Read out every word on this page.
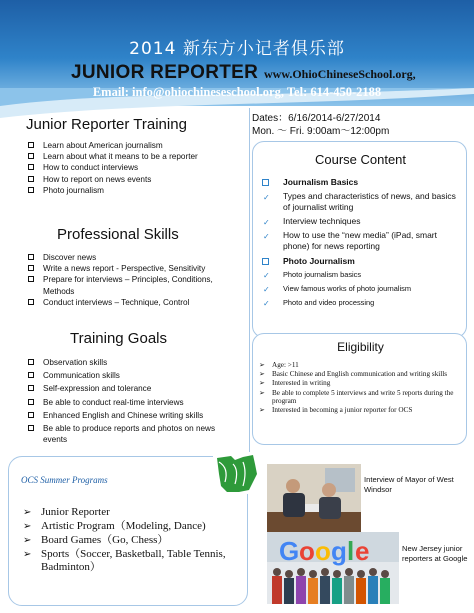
2014 新东方小记者俱乐部
JUNIOR REPORTER www.OhioChineseSchool.org,
Email: info@ohiochineseschool.org, Tel: 614-450-2188
Junior Reporter Training
Learn about American journalism
Learn about what it means to be a reporter
How to conduct interviews
How to report on news events
Photo journalism
Professional Skills
Discover news
Write a news report - Perspective, Sensitivity
Prepare for interviews – Principles, Conditions, Methods
Conduct interviews – Technique, Control
Training Goals
Observation skills
Communication skills
Self-expression and tolerance
Be able to conduct real-time interviews
Enhanced English and Chinese writing skills
Be able to produce reports and photos on news events
Dates：6/16/2014-6/27/2014
Mon. ～ Fri. 9:00am～12:00pm
Course Content
Journalism Basics
✓ Types and characteristics of news, and basics of journalist writing
✓ Interview techniques
✓ How to use the “new media” (iPad, smart phone) for news reporting
Photo Journalism
✓ Photo journalism basics
✓ View famous works of photo journalism
✓ Photo and video processing
Eligibility
➢ Age: >11
➢ Basic Chinese and English communication and writing skills
➢ Interested in writing
➢ Be able to complete 5 interviews and write 5 reports during the program
➢ Interested in becoming a junior reporter for OCS
OCS Summer Programs
➢ Junior Reporter
➢ Artistic Program（Modeling, Dance)
➢ Board Games（Go, Chess）
➢ Sports（Soccer, Basketball, Table Tennis, Badminton）
Interview of Mayor of West Windsor
G o o g l e	New Jersey junior reporters at Google
